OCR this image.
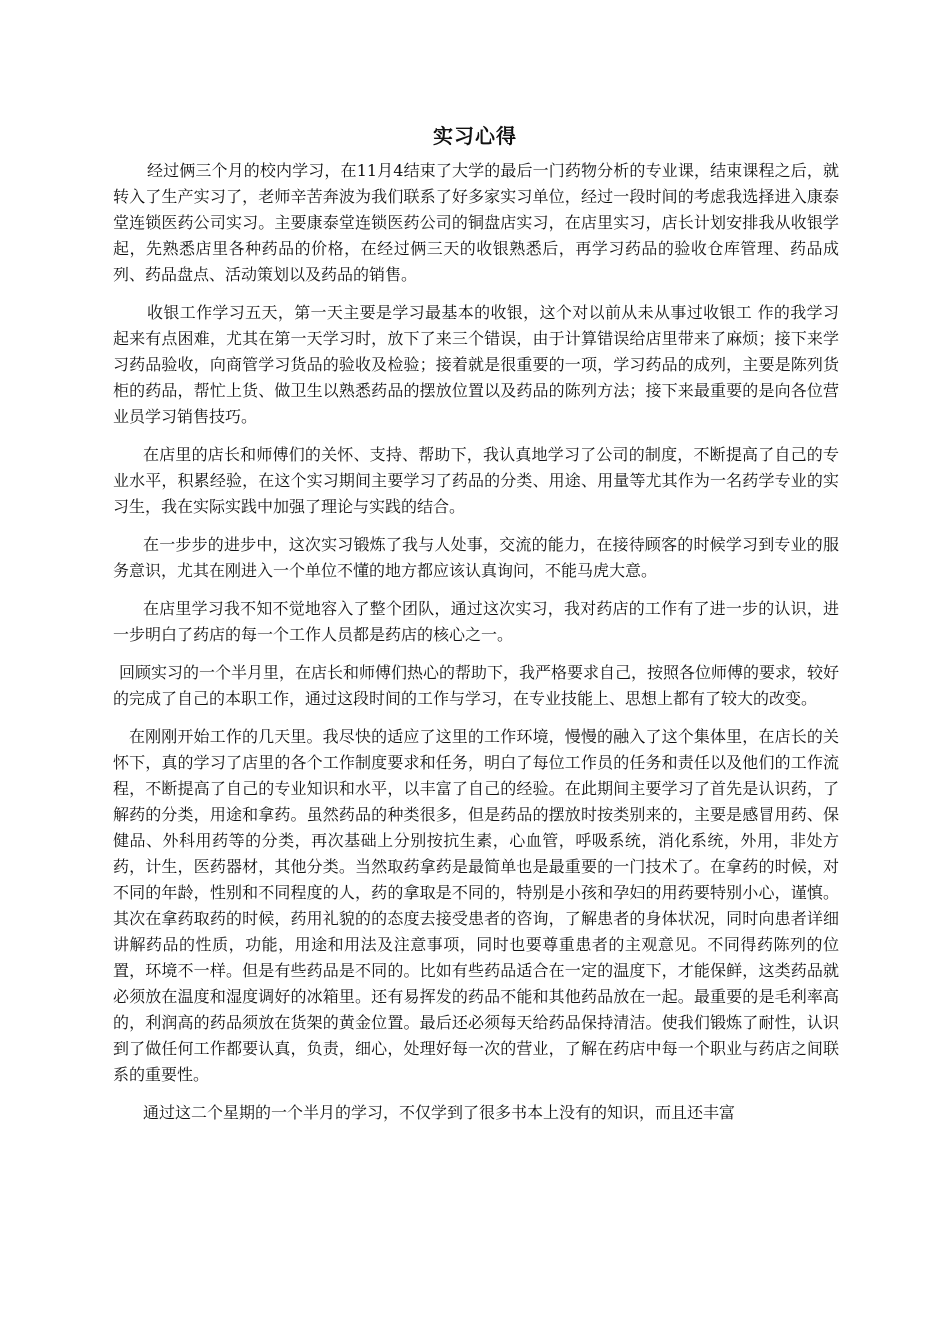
实习心得

经过俩三个月的校内学习，在11月4结束了大学的最后一门药物分析的专业课，结束课程之后，就转入了生产实习了，老师辛苦奔波为我们联系了好多家实习单位，经过一段时间的考虑我选择进入康泰堂连锁医药公司实习。主要康泰堂连锁医药公司的铜盘店实习，在店里实习，店长计划安排我从收银学起，先熟悉店里各种药品的价格，在经过俩三天的收银熟悉后，再学习药品的验收仓库管理、药品成列、药品盘点、活动策划以及药品的销售。

收银工作学习五天，第一天主要是学习最基本的收银，这个对以前从未从事过收银工 作的我学习起来有点困难，尤其在第一天学习时，放下了来三个错误，由于计算错误给店里带来了麻烦；接下来学习药品验收，向商管学习货品的验收及检验；接着就是很重要的一项，学习药品的成列，主要是陈列货柜的药品，帮忙上货、做卫生以熟悉药品的摆放位置以及药品的陈列方法；接下来最重要的是向各位营业员学习销售技巧。

在店里的店长和师傅们的关怀、支持、帮助下，我认真地学习了公司的制度，不断提高了自己的专业水平，积累经验，在这个实习期间主要学习了药品的分类、用途、用量等尤其作为一名药学专业的实习生，我在实际实践中加强了理论与实践的结合。

在一步步的进步中，这次实习锻炼了我与人处事，交流的能力，在接待顾客的时候学习到专业的服务意识，尤其在刚进入一个单位不懂的地方都应该认真询问，不能马虎大意。

在店里学习我不知不觉地容入了整个团队，通过这次实习，我对药店的工作有了进一步的认识，进一步明白了药店的每一个工作人员都是药店的核心之一。

回顾实习的一个半月里，在店长和师傅们热心的帮助下，我严格要求自己，按照各位师傅的要求，较好的完成了自己的本职工作，通过这段时间的工作与学习，在专业技能上、思想上都有了较大的改变。

在刚刚开始工作的几天里。我尽快的适应了这里的工作环境，慢慢的融入了这个集体里，在店长的关怀下，真的学习了店里的各个工作制度要求和任务，明白了每位工作员的任务和责任以及他们的工作流程，不断提高了自己的专业知识和水平，以丰富了自己的经验。在此期间主要学习了首先是认识药，了解药的分类，用途和拿药。虽然药品的种类很多，但是药品的摆放时按类别来的，主要是感冒用药、保健品、外科用药等的分类，再次基础上分别按抗生素，心血管，呼吸系统，消化系统，外用，非处方药，计生，医药器材，其他分类。当然取药拿药是最简单也是最重要的一门技术了。在拿药的时候，对不同的年龄，性别和不同程度的人，药的拿取是不同的，特别是小孩和孕妇的用药要特别小心，谨慎。其次在拿药取药的时候，药用礼貌的的态度去接受患者的咨询，了解患者的身体状况，同时向患者详细讲解药品的性质，功能，用途和用法及注意事项，同时也要尊重患者的主观意见。不同得药陈列的位置，环境不一样。但是有些药品是不同的。比如有些药品适合在一定的温度下，才能保鲜，这类药品就必须放在温度和湿度调好的冰箱里。还有易挥发的药品不能和其他药品放在一起。最重要的是毛利率高的，利润高的药品须放在货架的黄金位置。最后还必须每天给药品保持清洁。使我们锻炼了耐性，认识到了做任何工作都要认真，负责，细心，处理好每一次的营业，了解在药店中每一个职业与药店之间联系的重要性。

通过这二个星期的一个半月的学习，不仅学到了很多书本上没有的知识，而且还丰富
